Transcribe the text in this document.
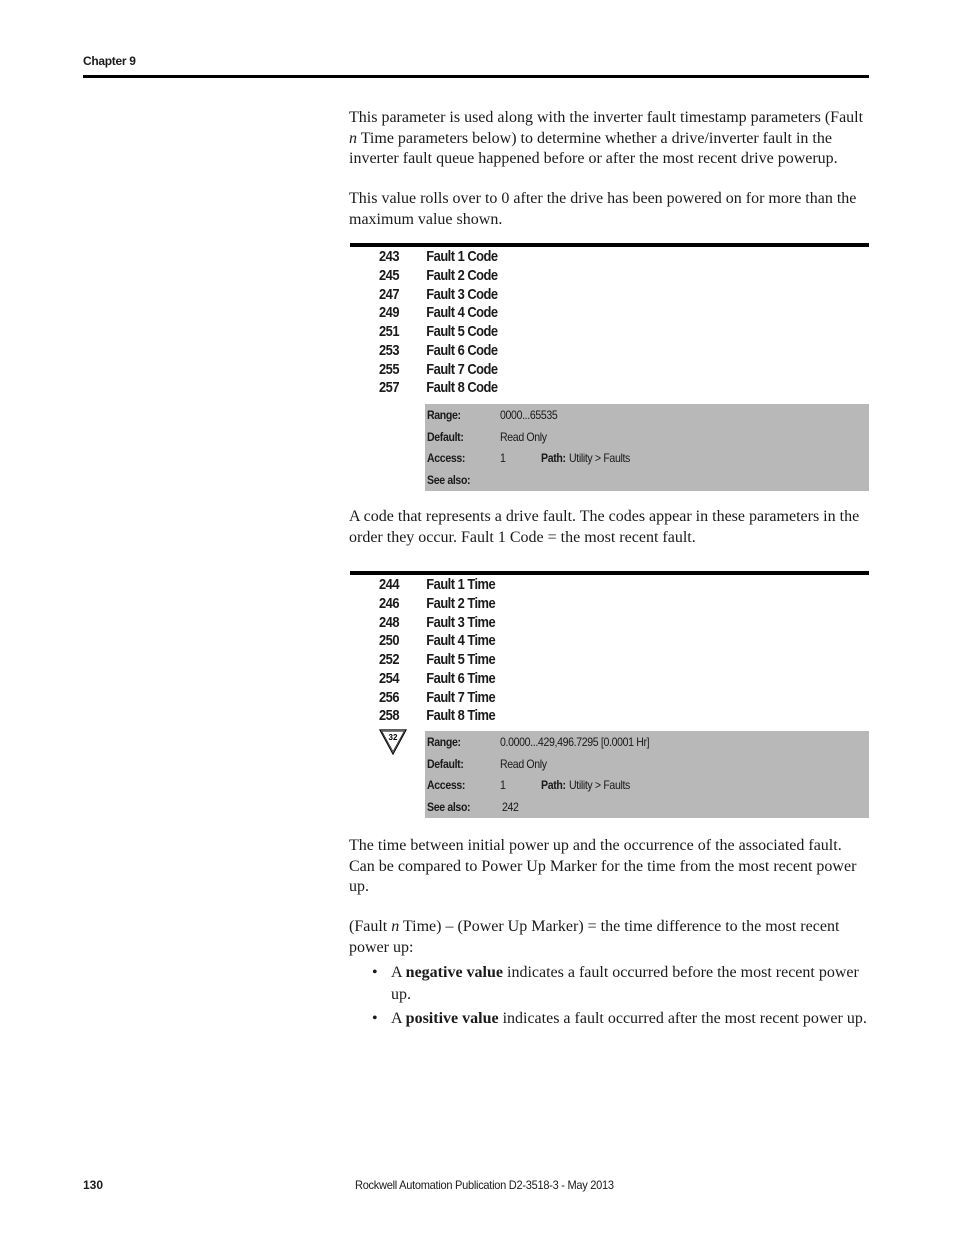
Chapter 9

This parameter is used along with the inverter fault timestamp parameters (Fault n Time parameters below) to determine whether a drive/inverter fault in the inverter fault queue happened before or after the most recent drive powerup.

This value rolls over to 0 after the drive has been powered on for more than the maximum value shown.

243	Fault 1 Code
245	Fault 2 Code
247	Fault 3 Code
249	Fault 4 Code
251	Fault 5 Code
253	Fault 6 Code
255	Fault 7 Code
257	Fault 8 Code
Range:	0000...65535
Default:	Read Only
Access:	1	Path: Utility > Faults
See also:

A code that represents a drive fault. The codes appear in these parameters in the order they occur. Fault 1 Code = the most recent fault.

244	Fault 1 Time
246	Fault 2 Time
248	Fault 3 Time
250	Fault 4 Time
252	Fault 5 Time
254	Fault 6 Time
256	Fault 7 Time
258	Fault 8 Time
32 Range:	0.0000...429,496.7295 [0.0001 Hr]
Default:	Read Only
Access:	1	Path: Utility > Faults
See also:	242

The time between initial power up and the occurrence of the associated fault. Can be compared to Power Up Marker for the time from the most recent power up.

(Fault n Time) – (Power Up Marker) = the time difference to the most recent power up:

• A negative value indicates a fault occurred before the most recent power up.
• A positive value indicates a fault occurred after the most recent power up.
130	Rockwell Automation Publication D2-3518-3 - May 2013
